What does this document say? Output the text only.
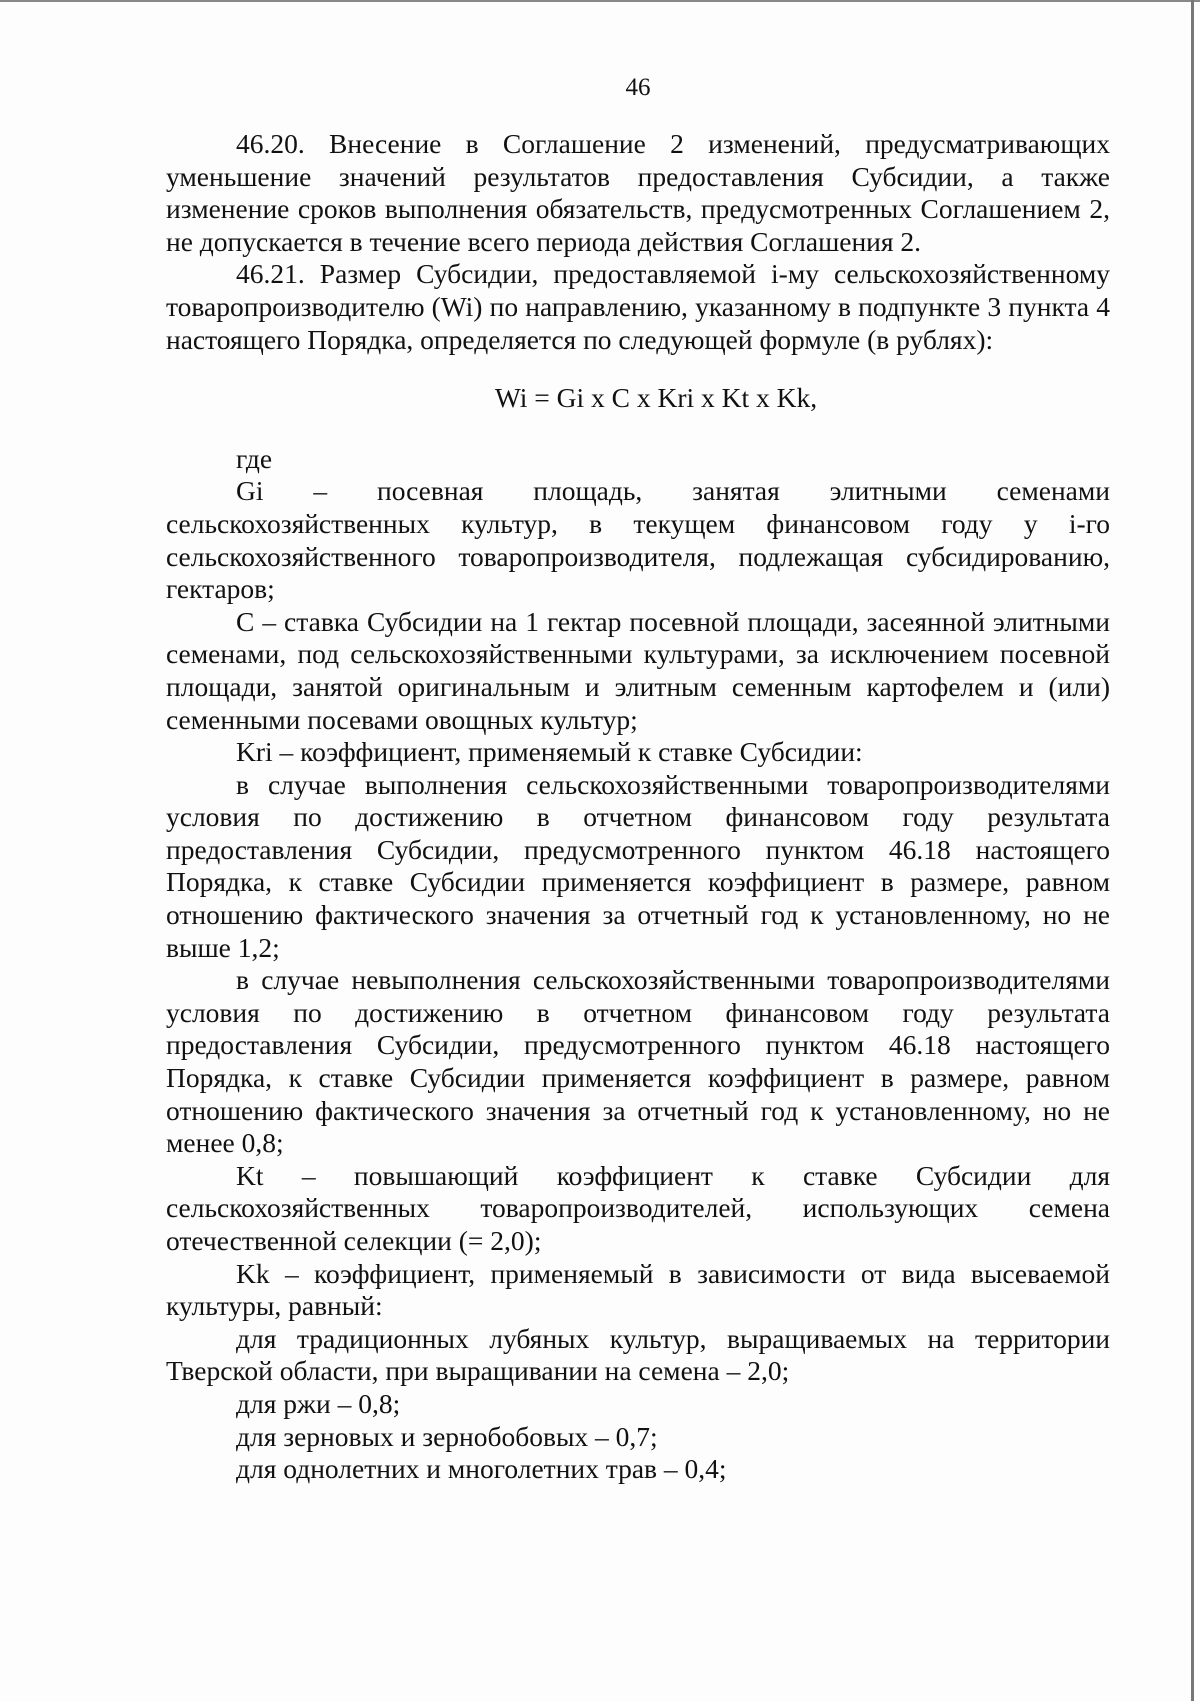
46

46.20. Внесение в Соглашение 2 изменений, предусматривающих уменьшение значений результатов предоставления Субсидии, а также изменение сроков выполнения обязательств, предусмотренных Соглашением 2, не допускается в течение всего периода действия Соглашения 2.

46.21. Размер Субсидии, предоставляемой i-му сельскохозяйственному товаропроизводителю (Wi) по направлению, указанному в подпункте 3 пункта 4 настоящего Порядка, определяется по следующей формуле (в рублях):

Wi = Gi x C x Kri x Kt x Kk,

где

Gi – посевная площадь, занятая элитными семенами сельскохозяйственных культур, в текущем финансовом году у i-го сельскохозяйственного товаропроизводителя, подлежащая субсидированию, гектаров;

С – ставка Субсидии на 1 гектар посевной площади, засеянной элитными семенами, под сельскохозяйственными культурами, за исключением посевной площади, занятой оригинальным и элитным семенным картофелем и (или) семенными посевами овощных культур;

Kri – коэффициент, применяемый к ставке Субсидии:

в случае выполнения сельскохозяйственными товаропроизводителями условия по достижению в отчетном финансовом году результата предоставления Субсидии, предусмотренного пунктом 46.18 настоящего Порядка, к ставке Субсидии применяется коэффициент в размере, равном отношению фактического значения за отчетный год к установленному, но не выше 1,2;

в случае невыполнения сельскохозяйственными товаропроизводителями условия по достижению в отчетном финансовом году результата предоставления Субсидии, предусмотренного пунктом 46.18 настоящего Порядка, к ставке Субсидии применяется коэффициент в размере, равном отношению фактического значения за отчетный год к установленному, но не менее 0,8;

Kt – повышающий коэффициент к ставке Субсидии для сельскохозяйственных товаропроизводителей, использующих семена отечественной селекции (= 2,0);

Kk – коэффициент, применяемый в зависимости от вида высеваемой культуры, равный:

для традиционных лубяных культур, выращиваемых на территории Тверской области, при выращивании на семена – 2,0;

для ржи – 0,8;

для зерновых и зернобобовых – 0,7;

для однолетних и многолетних трав – 0,4;
